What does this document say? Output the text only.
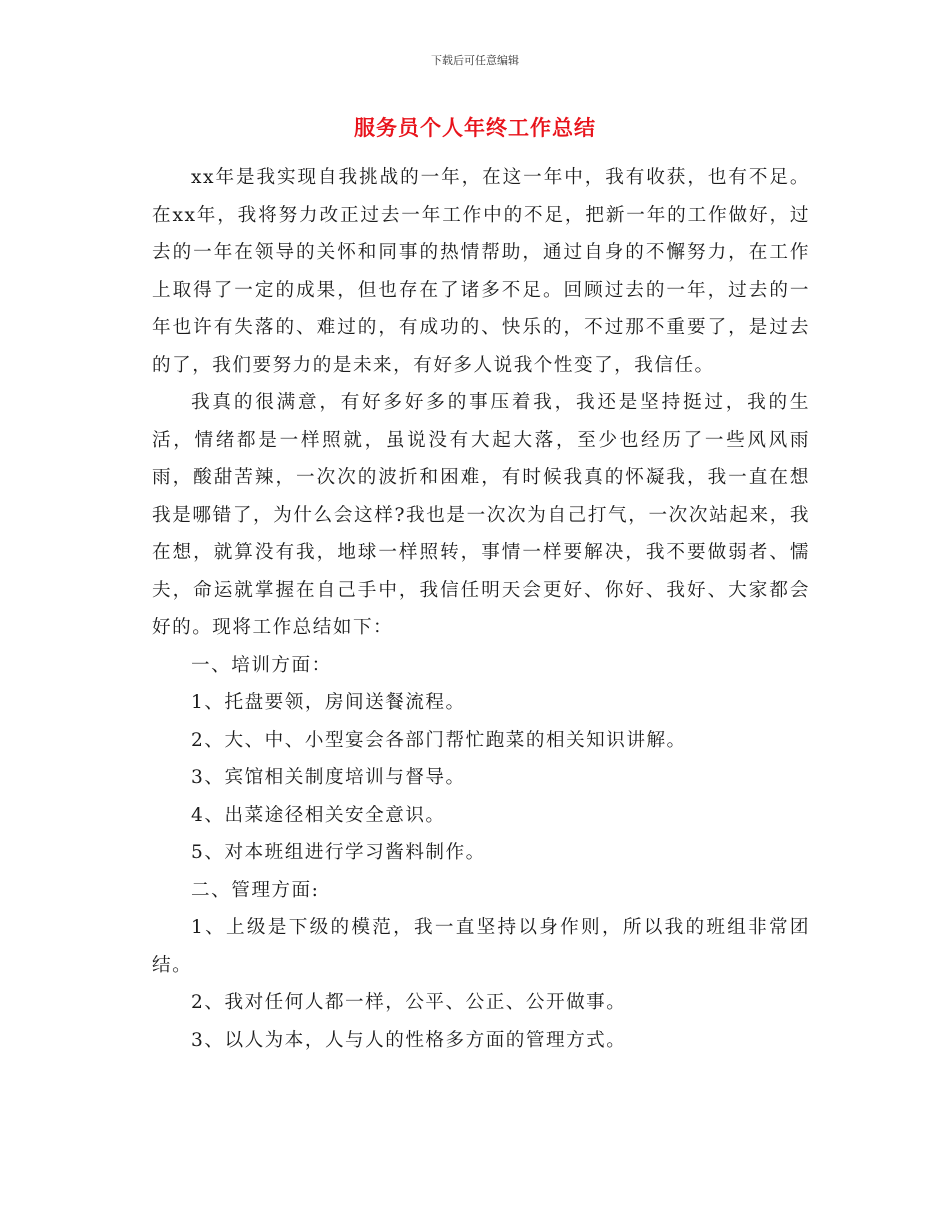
下载后可任意编辑
服务员个人年终工作总结

xx年是我实现自我挑战的一年，在这一年中，我有收获，也有不足。在xx年，我将努力改正过去一年工作中的不足，把新一年的工作做好，过去的一年在领导的关怀和同事的热情帮助，通过自身的不懈努力，在工作上取得了一定的成果，但也存在了诸多不足。回顾过去的一年，过去的一年也许有失落的、难过的，有成功的、快乐的，不过那不重要了，是过去的了，我们要努力的是未来，有好多人说我个性变了，我信任。

我真的很满意，有好多好多的事压着我，我还是坚持挺过，我的生活，情绪都是一样照就，虽说没有大起大落，至少也经历了一些风风雨雨，酸甜苦辣，一次次的波折和困难，有时候我真的怀凝我，我一直在想我是哪错了，为什么会这样?我也是一次次为自己打气，一次次站起来，我在想，就算没有我，地球一样照转，事情一样要解决，我不要做弱者、懦夫，命运就掌握在自己手中，我信任明天会更好、你好、我好、大家都会好的。现将工作总结如下：

一、培训方面：

1、托盘要领，房间送餐流程。

2、大、中、小型宴会各部门帮忙跑菜的相关知识讲解。

3、宾馆相关制度培训与督导。

4、出菜途径相关安全意识。

5、对本班组进行学习酱料制作。

二、管理方面:

1、上级是下级的模范，我一直坚持以身作则，所以我的班组非常团结。

2、我对任何人都一样，公平、公正、公开做事。

3、以人为本，人与人的性格多方面的管理方式。
